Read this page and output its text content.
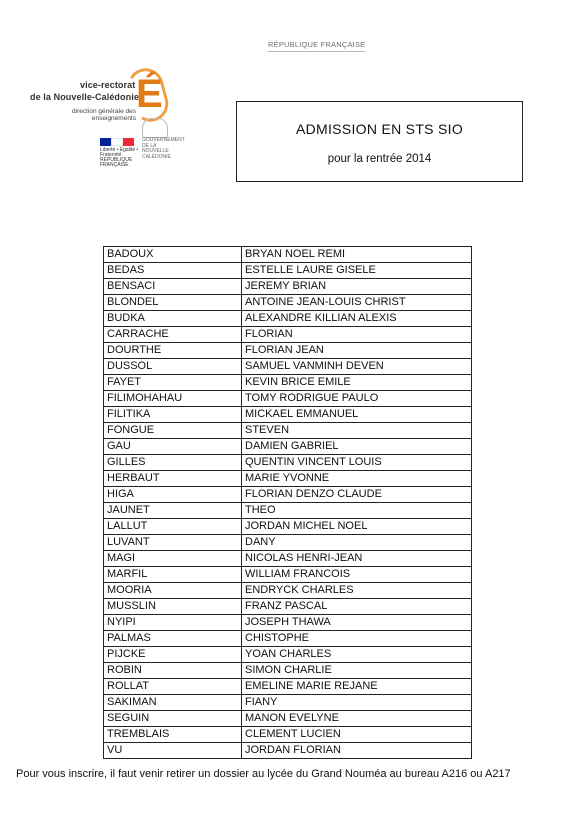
RÉPUBLIQUE FRANÇAISE
É
vice-rectorat
de la Nouvelle-Calédonie
direction générale des enseignements
Liberté • Égalité • Fraternité RÉPUBLIQUE FRANÇAISE
GOUVERNEMENT DE LA NOUVELLE CALÉDONIE
ADMISSION EN STS SIO
pour la rentrée 2014
BADOUX	BRYAN NOEL REMI
BEDAS	ESTELLE LAURE GISELE
BENSACI	JEREMY BRIAN
BLONDEL	ANTOINE JEAN-LOUIS CHRIST
BUDKA	ALEXANDRE KILLIAN ALEXIS
CARRACHE	FLORIAN
DOURTHE	FLORIAN JEAN
DUSSOL	SAMUEL VANMINH DEVEN
FAYET	KEVIN BRICE EMILE
FILIMOHAHAU	TOMY RODRIGUE PAULO
FILITIKA	MICKAEL EMMANUEL
FONGUE	STEVEN
GAU	DAMIEN GABRIEL
GILLES	QUENTIN VINCENT LOUIS
HERBAUT	MARIE YVONNE
HIGA	FLORIAN DENZO CLAUDE
JAUNET	THEO
LALLUT	JORDAN MICHEL NOEL
LUVANT	DANY
MAGI	NICOLAS HENRI-JEAN
MARFIL	WILLIAM FRANCOIS
MOORIA	ENDRYCK CHARLES
MUSSLIN	FRANZ PASCAL
NYIPI	JOSEPH THAWA
PALMAS	CHISTOPHE
PIJCKE	YOAN CHARLES
ROBIN	SIMON CHARLIE
ROLLAT	EMELINE MARIE REJANE
SAKIMAN	FIANY
SEGUIN	MANON EVELYNE
TREMBLAIS	CLEMENT LUCIEN
VU	JORDAN FLORIAN
Pour vous inscrire, il faut venir retirer un dossier au lycée du Grand Nouméa au bureau A216 ou A217
